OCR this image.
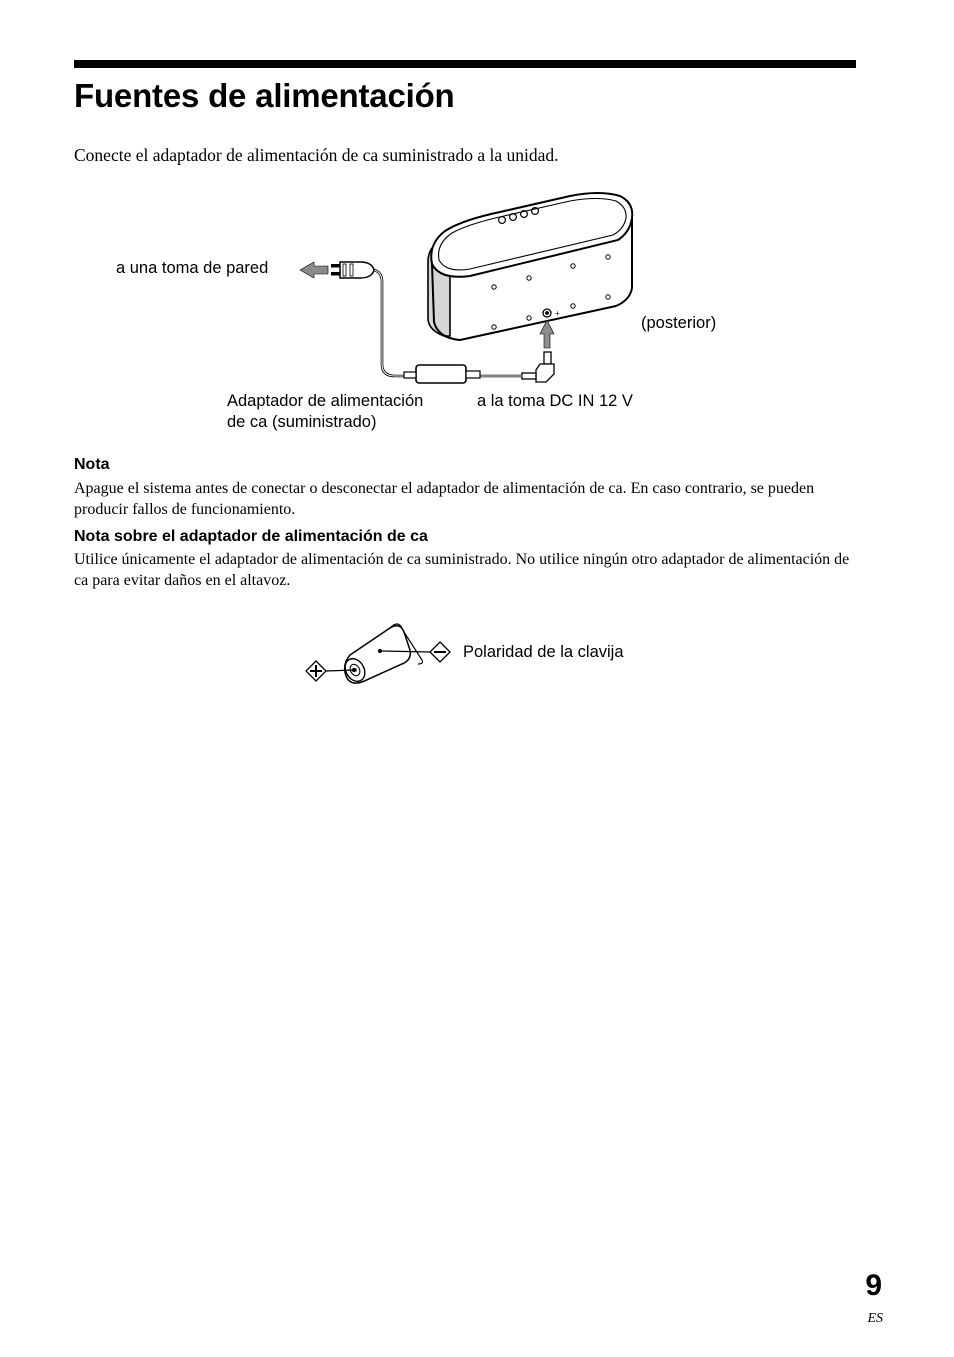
Fuentes de alimentación

Conecte el adaptador de alimentación de ca suministrado a la unidad.

+
a una toma de pared
(posterior)
Adaptador de alimentación
de ca (suministrado)
a la toma DC IN 12 V
Nota

Apague el sistema antes de conectar o desconectar el adaptador de alimentación de ca. En caso contrario, se pueden producir fallos de funcionamiento.

Nota sobre el adaptador de alimentación de ca

Utilice únicamente el adaptador de alimentación de ca suministrado. No utilice ningún otro adaptador de alimentación de ca para evitar daños en el altavoz.

Polaridad de la clavija
9
ES
